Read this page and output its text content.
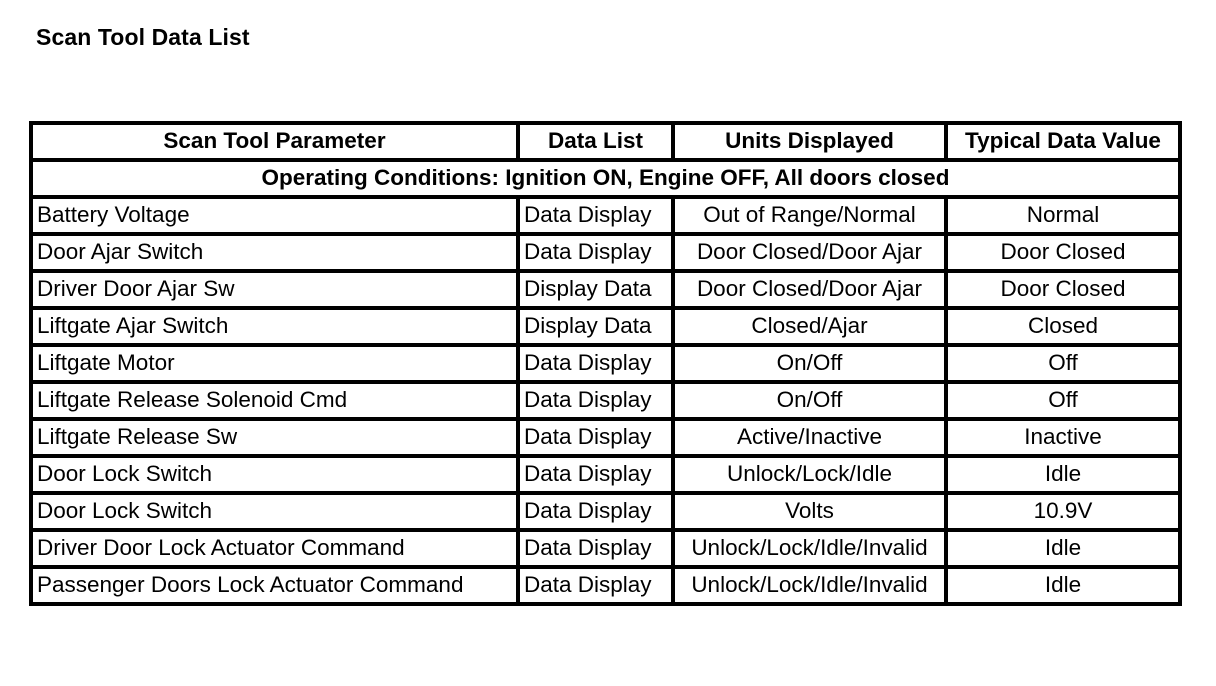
Scan Tool Data List
Scan Tool Parameter	Data List	Units Displayed	Typical Data Value
Operating Conditions: Ignition ON, Engine OFF, All doors closed			
Battery Voltage	Data Display	Out of Range/Normal	Normal
Door Ajar Switch	Data Display	Door Closed/Door Ajar	Door Closed
Driver Door Ajar Sw	Display Data	Door Closed/Door Ajar	Door Closed
Liftgate Ajar Switch	Display Data	Closed/Ajar	Closed
Liftgate Motor	Data Display	On/Off	Off
Liftgate Release Solenoid Cmd	Data Display	On/Off	Off
Liftgate Release Sw	Data Display	Active/Inactive	Inactive
Door Lock Switch	Data Display	Unlock/Lock/Idle	Idle
Door Lock Switch	Data Display	Volts	10.9V
Driver Door Lock Actuator Command	Data Display	Unlock/Lock/Idle/Invalid	Idle
Passenger Doors Lock Actuator Command	Data Display	Unlock/Lock/Idle/Invalid	Idle
